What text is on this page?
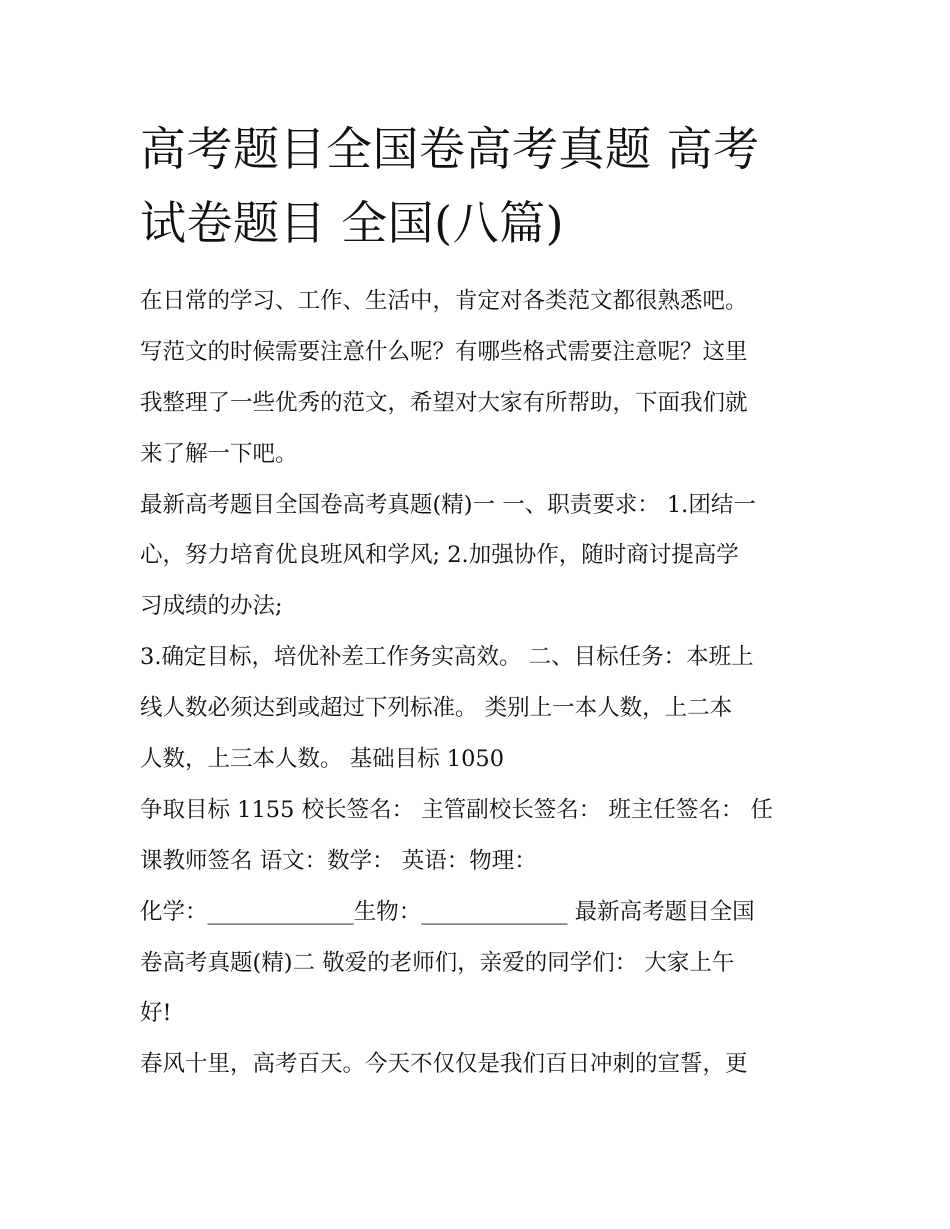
高考题目全国卷高考真题 高考
试卷题目 全国(八篇)
在日常的学习、工作、生活中，肯定对各类范文都很熟悉吧。
写范文的时候需要注意什么呢？有哪些格式需要注意呢？这里
我整理了一些优秀的范文，希望对大家有所帮助，下面我们就
来了解一下吧。
最新高考题目全国卷高考真题(精)一 一、职责要求： 1.团结一
心，努力培育优良班风和学风; 2.加强协作，随时商讨提高学
习成绩的办法;
3.确定目标，培优补差工作务实高效。 二、目标任务：本班上
线人数必须达到或超过下列标准。 类别上一本人数，上二本
人数，上三本人数。 基础目标 1050
争取目标 1155 校长签名： 主管副校长签名： 班主任签名： 任
课教师签名 语文：数学： 英语：物理：
化学：_____________生物：_____________ 最新高考题目全国
卷高考真题(精)二 敬爱的老师们，亲爱的同学们： 大家上午
好!
春风十里，高考百天。今天不仅仅是我们百日冲刺的宣誓，更
